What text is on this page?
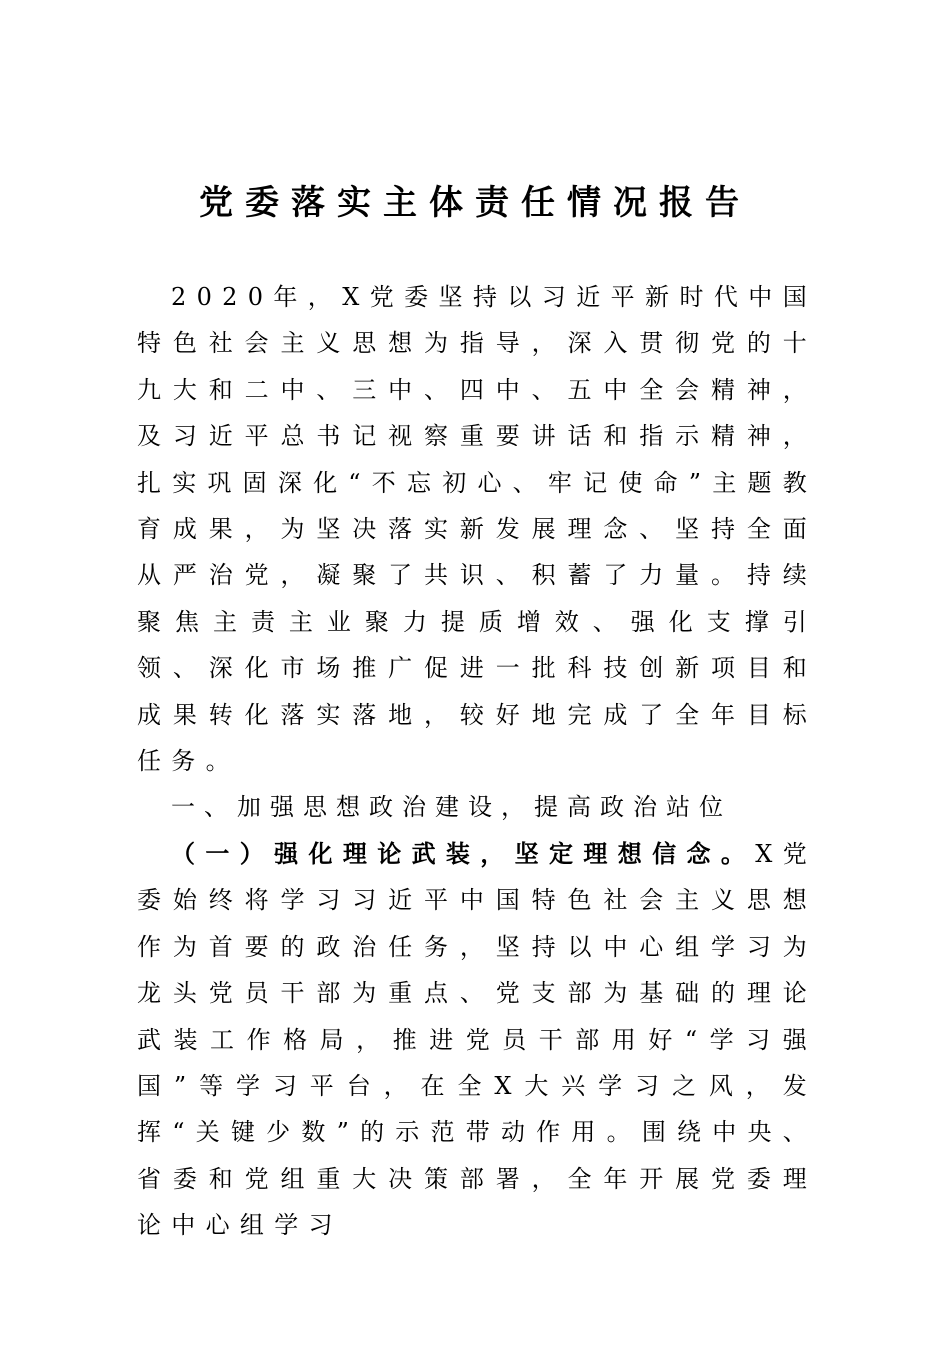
党委落实主体责任情况报告

2020年，X党委坚持以习近平新时代中国特色社会主义思想为指导，深入贯彻党的十九大和二中、三中、四中、五中全会精神，及习近平总书记视察重要讲话和指示精神，扎实巩固深化“不忘初心、牢记使命”主题教育成果，为坚决落实新发展理念、坚持全面从严治党，凝聚了共识、积蓄了力量。持续聚焦主责主业聚力提质增效、强化支撑引领、深化市场推广促进一批科技创新项目和成果转化落实落地，较好地完成了全年目标任务。

一、加强思想政治建设，提高政治站位

（一）强化理论武装，坚定理想信念。X党委始终将学习习近平中国特色社会主义思想作为首要的政治任务，坚持以中心组学习为龙头党员干部为重点、党支部为基础的理论武装工作格局，推进党员干部用好“学习强国”等学习平台，在全X大兴学习之风，发挥“关键少数”的示范带动作用。围绕中央、省委和党组重大决策部署，全年开展党委理论中心组学习
